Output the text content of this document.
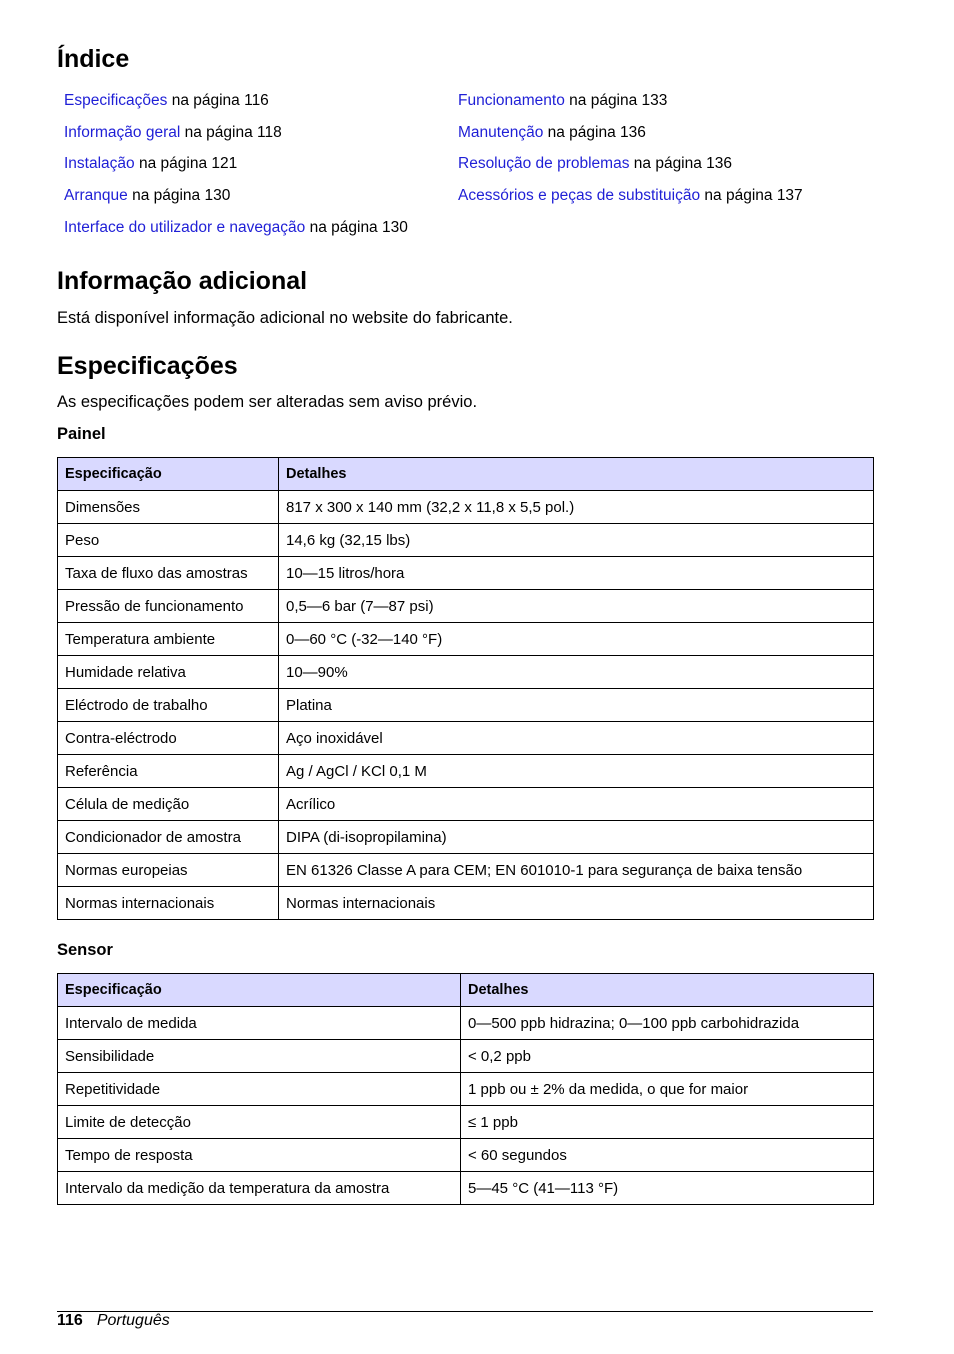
Índice
Especificações na página 116
Informação geral na página 118
Instalação na página 121
Arranque na página 130
Interface do utilizador e navegação na página 130
Funcionamento na página 133
Manutenção na página 136
Resolução de problemas na página 136
Acessórios e peças de substituição na página 137
Informação adicional

Está disponível informação adicional no website do fabricante.

Especificações

As especificações podem ser alteradas sem aviso prévio.

Painel
Especificação	Detalhes
Dimensões	817 x 300 x 140 mm (32,2 x 11,8 x 5,5 pol.)
Peso	14,6 kg (32,15 lbs)
Taxa de fluxo das amostras	10—15 litros/hora
Pressão de funcionamento	0,5—6 bar (7—87 psi)
Temperatura ambiente	0—60 °C (-32—140 °F)
Humidade relativa	10—90%
Eléctrodo de trabalho	Platina
Contra-eléctrodo	Aço inoxidável
Referência	Ag / AgCl / KCl 0,1 M
Célula de medição	Acrílico
Condicionador de amostra	DIPA (di-isopropilamina)
Normas europeias	EN 61326 Classe A para CEM; EN 601010-1 para segurança de baixa tensão
Normas internacionais	Normas internacionais
Sensor
Especificação	Detalhes
Intervalo de medida	0—500 ppb hidrazina; 0—100 ppb carbohidrazida
Sensibilidade	< 0,2 ppb
Repetitividade	1 ppb ou ± 2% da medida, o que for maior
Limite de detecção	≤ 1 ppb
Tempo de resposta	< 60 segundos
Intervalo da medição da temperatura da amostra	5—45 °C (41—113 °F)
116 Português
